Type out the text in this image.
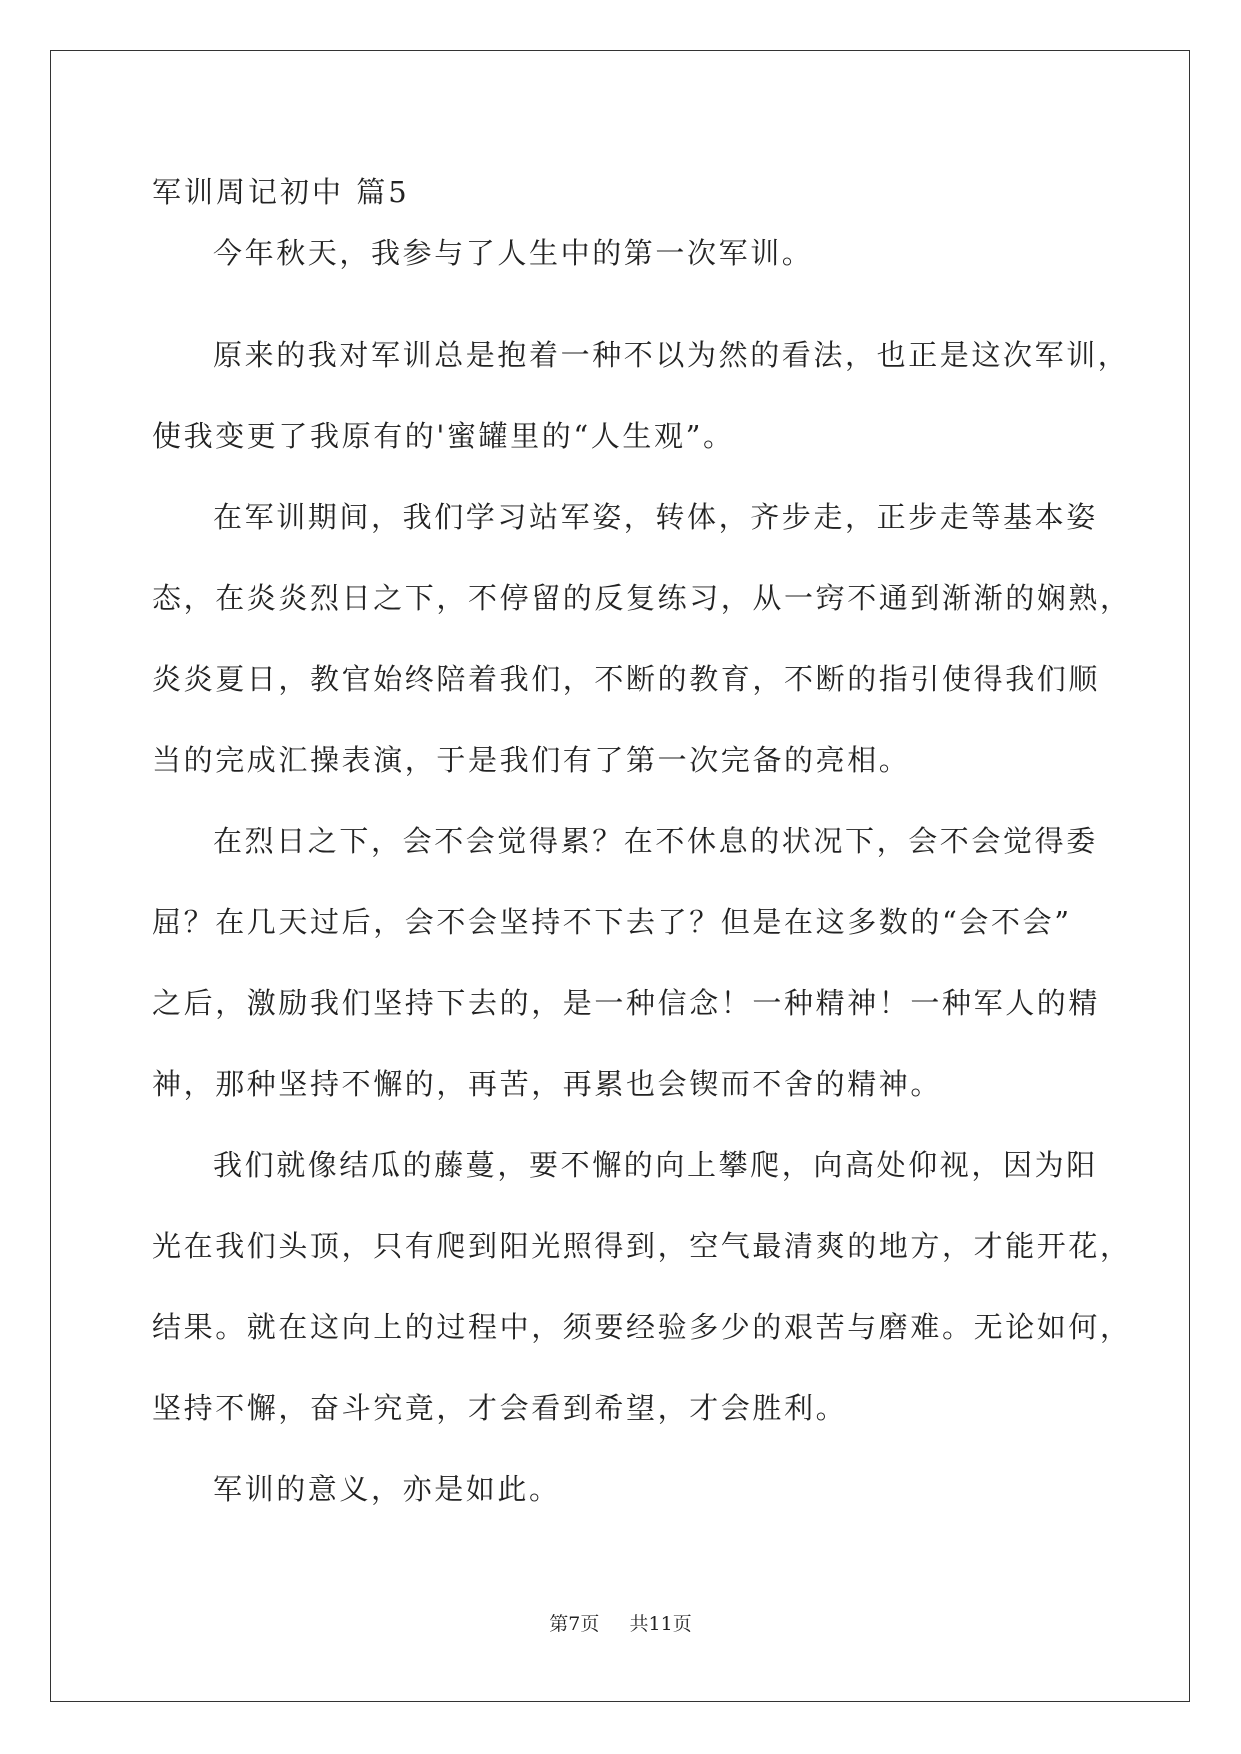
军训周记初中 篇5
今年秋天，我参与了人生中的第一次军训。
原来的我对军训总是抱着一种不以为然的看法，也正是这次军训，
使我变更了我原有的'蜜罐里的“人生观”。
在军训期间，我们学习站军姿，转体，齐步走，正步走等基本姿
态，在炎炎烈日之下，不停留的反复练习，从一窍不通到渐渐的娴熟，
炎炎夏日，教官始终陪着我们，不断的教育，不断的指引使得我们顺
当的完成汇操表演，于是我们有了第一次完备的亮相。
在烈日之下，会不会觉得累？在不休息的状况下，会不会觉得委
屈？在几天过后，会不会坚持不下去了？但是在这多数的“会不会”
之后，激励我们坚持下去的，是一种信念！一种精神！一种军人的精
神，那种坚持不懈的，再苦，再累也会锲而不舍的精神。
我们就像结瓜的藤蔓，要不懈的向上攀爬，向高处仰视，因为阳
光在我们头顶，只有爬到阳光照得到，空气最清爽的地方，才能开花，
结果。就在这向上的过程中，须要经验多少的艰苦与磨难。无论如何，
坚持不懈，奋斗究竟，才会看到希望，才会胜利。
军训的意义，亦是如此。
第7页 共11页
